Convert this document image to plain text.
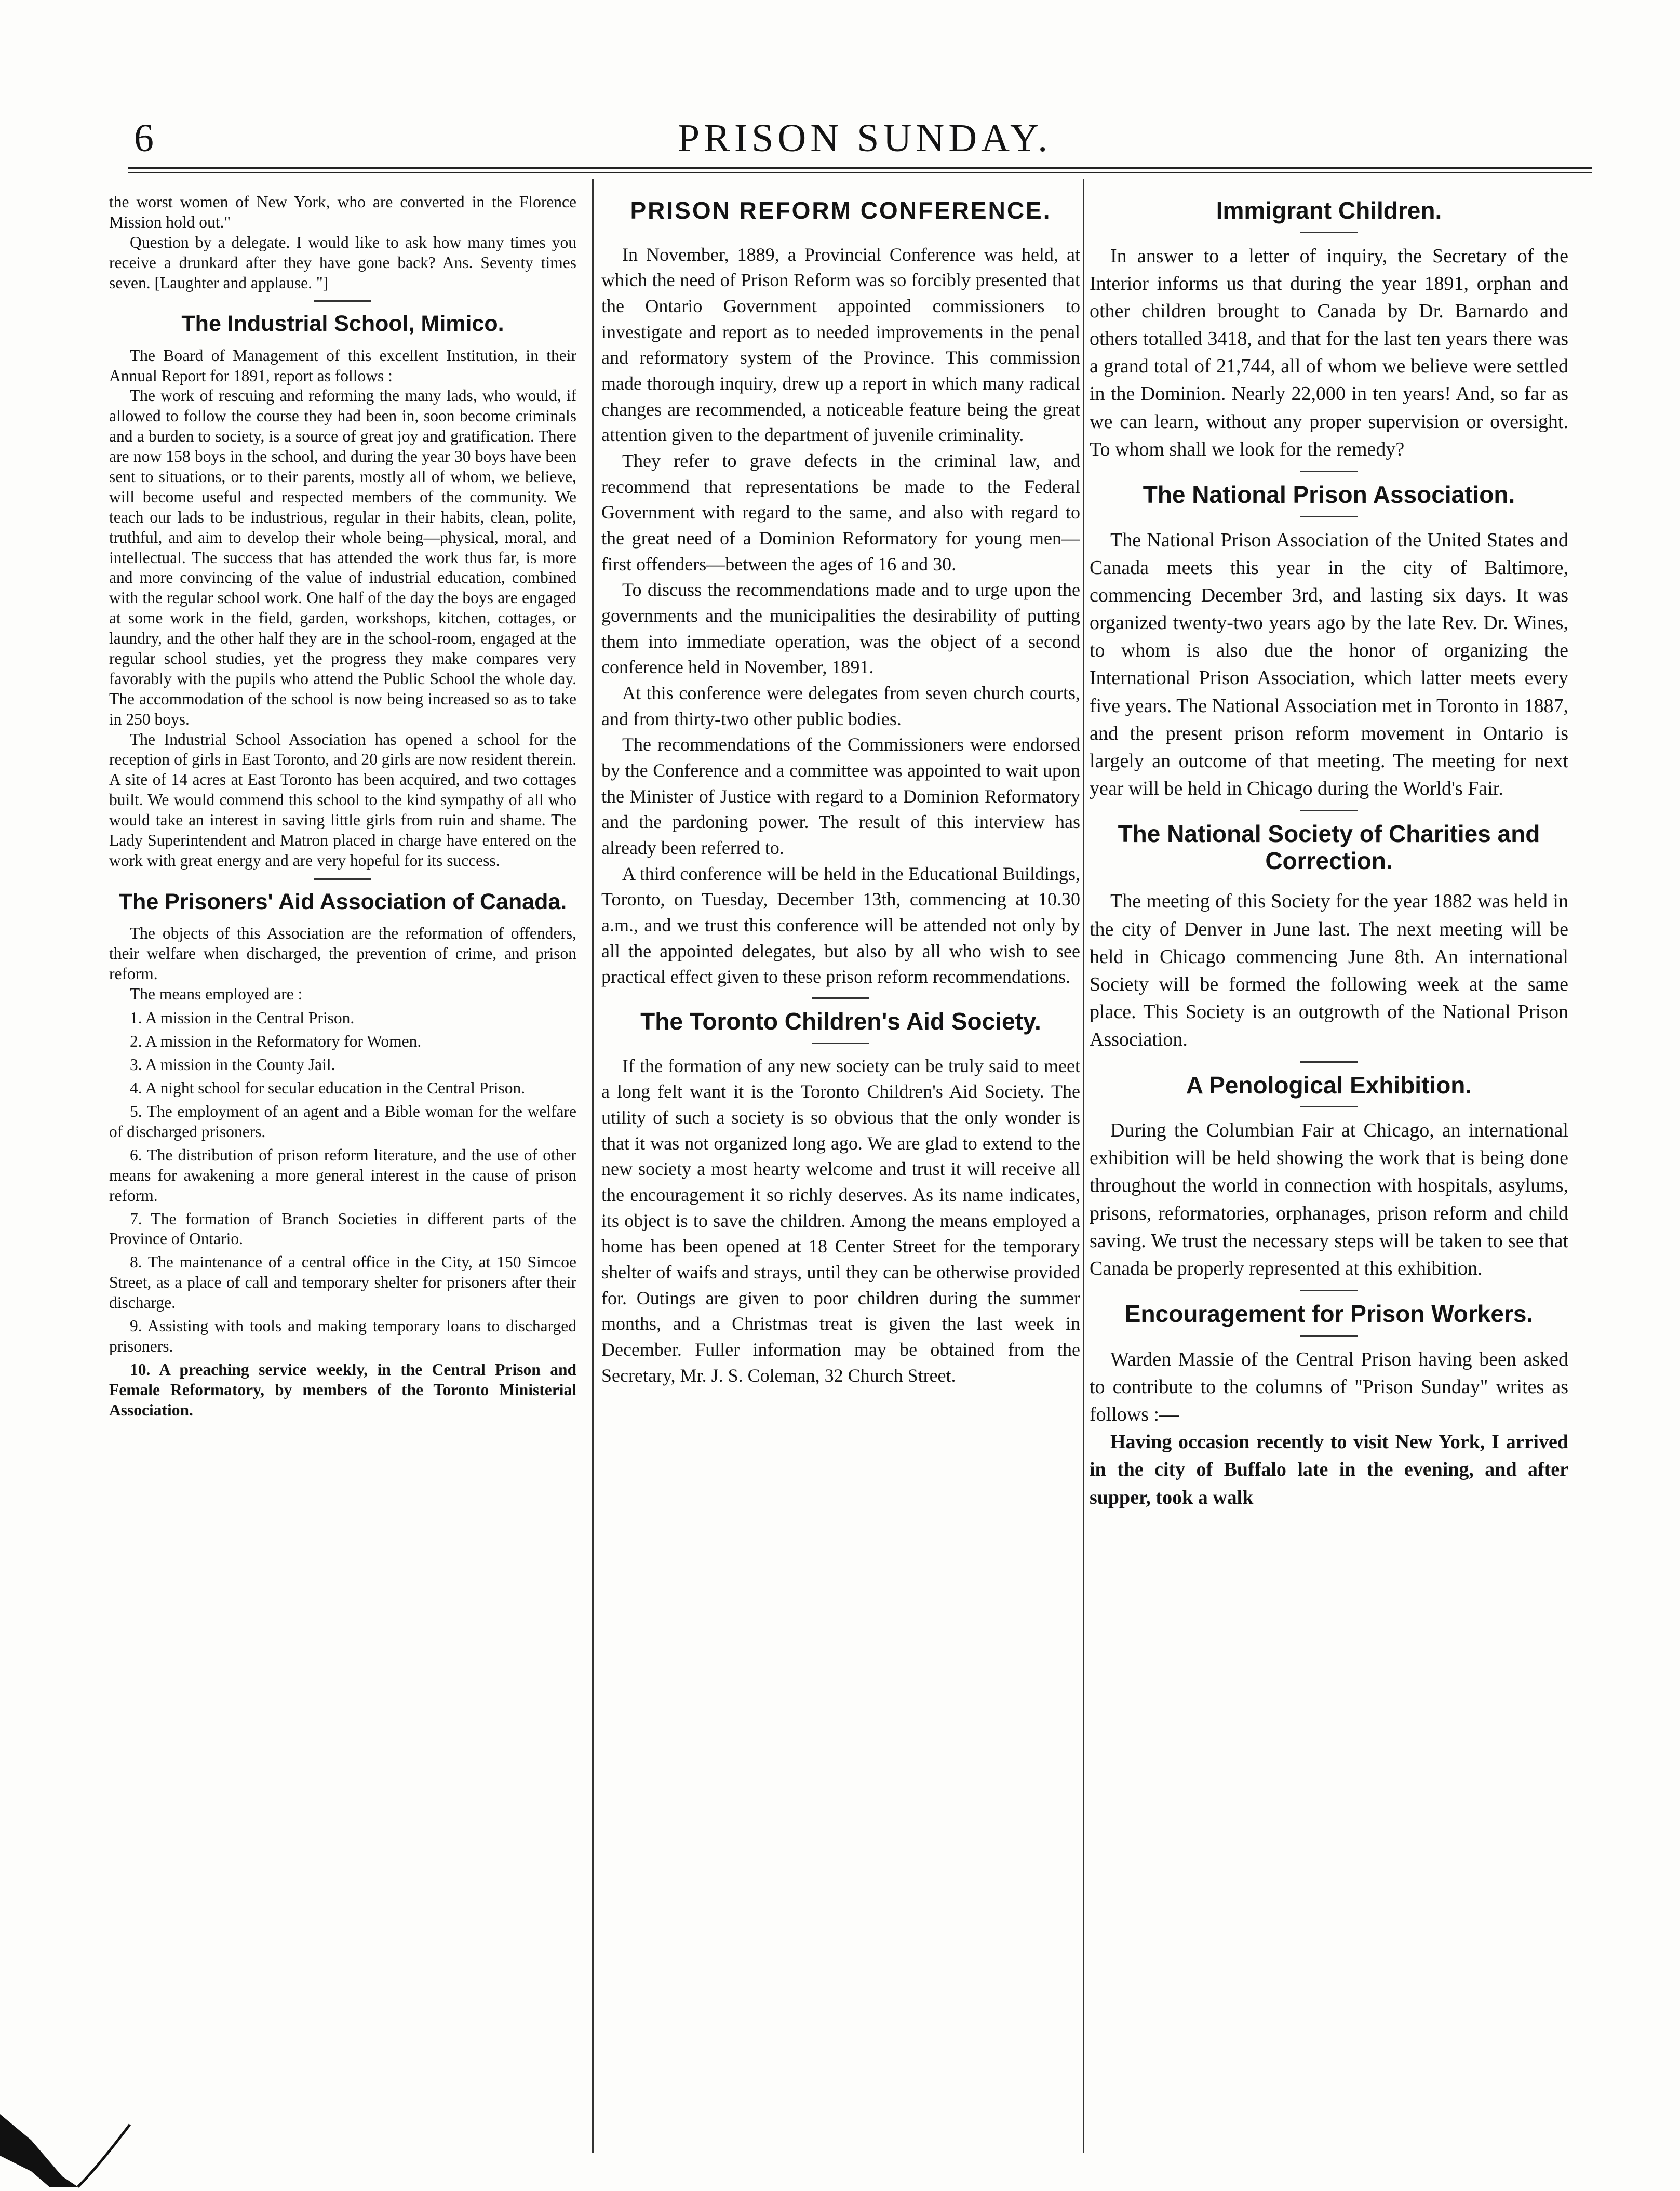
6	PRISON SUNDAY.

the worst women of New York, who are converted in the Florence Mission hold out."

Question by a delegate. I would like to ask how many times you receive a drunkard after they have gone back? Ans. Seventy times seven. [Laughter and applause. "]

The Industrial School, Mimico.

The Board of Management of this excellent Institution, in their Annual Report for 1891, report as follows :

The work of rescuing and reforming the many lads, who would, if allowed to follow the course they had been in, soon become criminals and a burden to society, is a source of great joy and gratification. There are now 158 boys in the school, and during the year 30 boys have been sent to situations, or to their parents, mostly all of whom, we believe, will become useful and respected members of the community. We teach our lads to be industrious, regular in their habits, clean, polite, truthful, and aim to develop their whole being—physical, moral, and intellectual. The success that has attended the work thus far, is more and more convincing of the value of industrial education, combined with the regular school work. One half of the day the boys are engaged at some work in the field, garden, workshops, kitchen, cottages, or laundry, and the other half they are in the school-room, engaged at the regular school studies, yet the progress they make compares very favorably with the pupils who attend the Public School the whole day. The accommodation of the school is now being increased so as to take in 250 boys.

The Industrial School Association has opened a school for the reception of girls in East Toronto, and 20 girls are now resident therein. A site of 14 acres at East Toronto has been acquired, and two cottages built. We would commend this school to the kind sympathy of all who would take an interest in saving little girls from ruin and shame. The Lady Superintendent and Matron placed in charge have entered on the work with great energy and are very hopeful for its success.

The Prisoners' Aid Association of Canada.

The objects of this Association are the reformation of offenders, their welfare when discharged, the prevention of crime, and prison reform.

The means employed are :

1. A mission in the Central Prison.
2. A mission in the Reformatory for Women.
3. A mission in the County Jail.
4. A night school for secular education in the Central Prison.
5. The employment of an agent and a Bible woman for the welfare of discharged prisoners.
6. The distribution of prison reform literature, and the use of other means for awakening a more general interest in the cause of prison reform.
7. The formation of Branch Societies in different parts of the Province of Ontario.
8. The maintenance of a central office in the City, at 150 Simcoe Street, as a place of call and temporary shelter for prisoners after their discharge.
9. Assisting with tools and making temporary loans to discharged prisoners.
10. A preaching service weekly, in the Central Prison and Female Reformatory, by members of the Toronto Ministerial Association.
PRISON REFORM CONFERENCE.

In November, 1889, a Provincial Conference was held, at which the need of Prison Reform was so forcibly presented that the Ontario Government appointed commissioners to investigate and report as to needed improvements in the penal and reformatory system of the Province. This commission made thorough inquiry, drew up a report in which many radical changes are recommended, a noticeable feature being the great attention given to the department of juvenile criminality.

They refer to grave defects in the criminal law, and recommend that representations be made to the Federal Government with regard to the same, and also with regard to the great need of a Dominion Reformatory for young men—first offenders—between the ages of 16 and 30.

To discuss the recommendations made and to urge upon the governments and the municipalities the desirability of putting them into immediate operation, was the object of a second conference held in November, 1891.

At this conference were delegates from seven church courts, and from thirty-two other public bodies.

The recommendations of the Commissioners were endorsed by the Conference and a committee was appointed to wait upon the Minister of Justice with regard to a Dominion Reformatory and the pardoning power. The result of this interview has already been referred to.

A third conference will be held in the Educational Buildings, Toronto, on Tuesday, December 13th, commencing at 10.30 a.m., and we trust this conference will be attended not only by all the appointed delegates, but also by all who wish to see practical effect given to these prison reform recommendations.

The Toronto Children's Aid Society.

If the formation of any new society can be truly said to meet a long felt want it is the Toronto Children's Aid Society. The utility of such a society is so obvious that the only wonder is that it was not organized long ago. We are glad to extend to the new society a most hearty welcome and trust it will receive all the encouragement it so richly deserves. As its name indicates, its object is to save the children. Among the means employed a home has been opened at 18 Center Street for the temporary shelter of waifs and strays, until they can be otherwise provided for. Outings are given to poor children during the summer months, and a Christmas treat is given the last week in December. Fuller information may be obtained from the Secretary, Mr. J. S. Coleman, 32 Church Street.

Immigrant Children.

In answer to a letter of inquiry, the Secretary of the Interior informs us that during the year 1891, orphan and other children brought to Canada by Dr. Barnardo and others totalled 3418, and that for the last ten years there was a grand total of 21,744, all of whom we believe were settled in the Dominion. Nearly 22,000 in ten years! And, so far as we can learn, without any proper supervision or oversight. To whom shall we look for the remedy?

The National Prison Association.

The National Prison Association of the United States and Canada meets this year in the city of Baltimore, commencing December 3rd, and lasting six days. It was organized twenty-two years ago by the late Rev. Dr. Wines, to whom is also due the honor of organizing the International Prison Association, which latter meets every five years. The National Association met in Toronto in 1887, and the present prison reform movement in Ontario is largely an outcome of that meeting. The meeting for next year will be held in Chicago during the World's Fair.

The National Society of Charities and Correction.

The meeting of this Society for the year 1882 was held in the city of Denver in June last. The next meeting will be held in Chicago commencing June 8th. An international Society will be formed the following week at the same place. This Society is an outgrowth of the National Prison Association.

A Penological Exhibition.

During the Columbian Fair at Chicago, an international exhibition will be held showing the work that is being done throughout the world in connection with hospitals, asylums, prisons, reformatories, orphanages, prison reform and child saving. We trust the necessary steps will be taken to see that Canada be properly represented at this exhibition.

Encouragement for Prison Workers.

Warden Massie of the Central Prison having been asked to contribute to the columns of "Prison Sunday" writes as follows :—

Having occasion recently to visit New York, I arrived in the city of Buffalo late in the evening, and after supper, took a walk
